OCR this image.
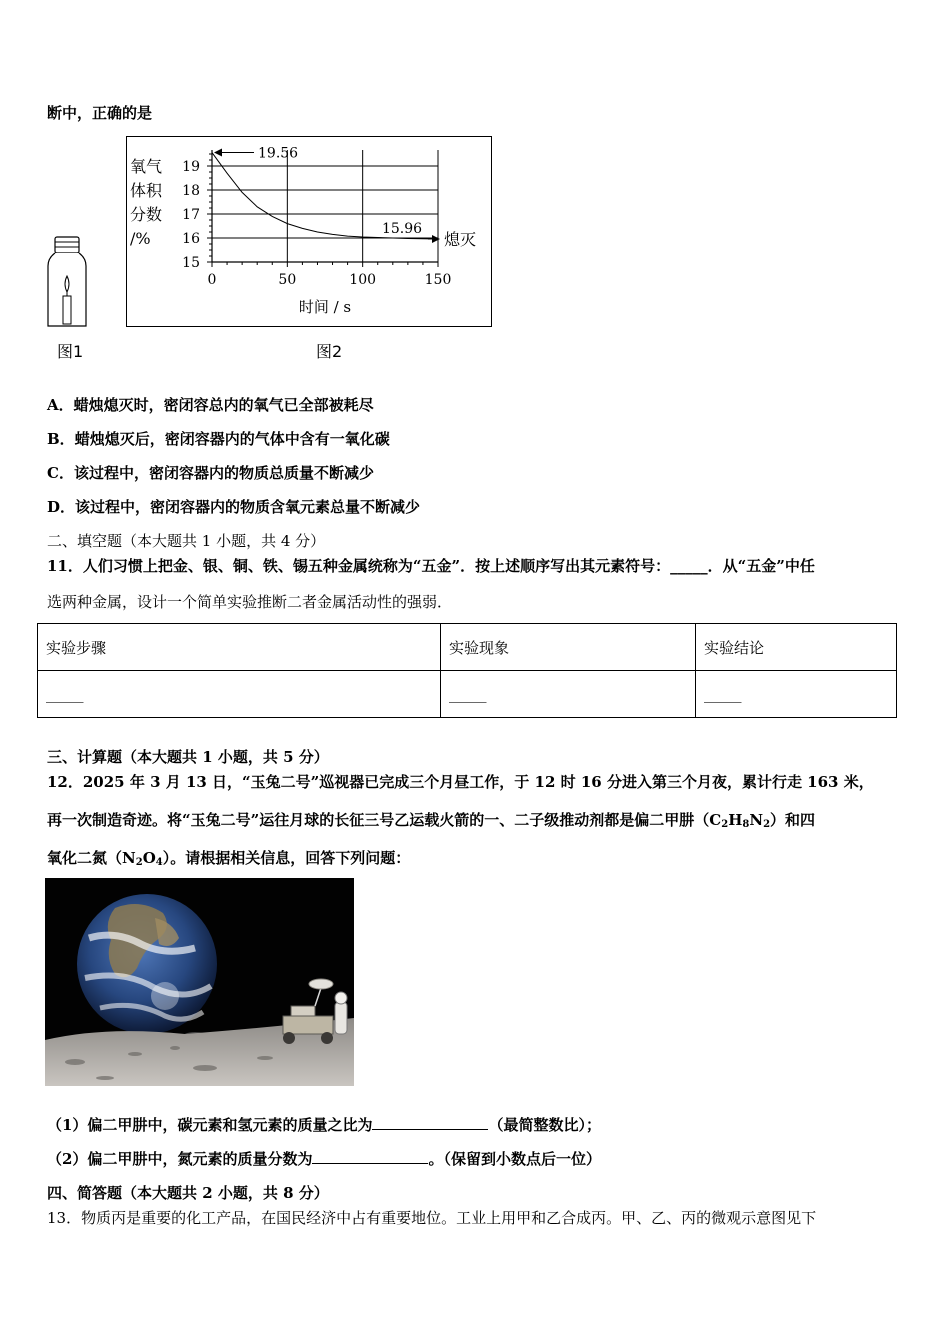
断中，正确的是
图1
19
18
17
16
15
0	50	100	150
氧气
体积
分数
/%
时间 / s
19.56
15.96
熄灭
图2
A．蜡烛熄灭时，密闭容总内的氧气已全部被耗尽
B．蜡烛熄灭后，密闭容器内的气体中含有一氧化碳
C．该过程中，密闭容器内的物质总质量不断减少
D．该过程中，密闭容器内的物质含氧元素总量不断减少
二、填空题（本大题共 1 小题，共 4 分）
11．人们习惯上把金、银、铜、铁、锡五种金属统称为“五金”．按上述顺序写出其元素符号：_____．从“五金”中任
选两种金属，设计一个简单实验推断二者金属活动性的强弱．
实验步骤	实验现象	实验结论
_____	_____	_____
三、计算题（本大题共 1 小题，共 5 分）
12．2025 年 3 月 13 日，“玉兔二号”巡视器已完成三个月昼工作，于 12 时 16 分进入第三个月夜，累计行走 163 米，
再一次制造奇迹。将“玉兔二号”运往月球的长征三号乙运载火箭的一、二子级推动剂都是偏二甲肼$(C_2H_8N_2)$和四
氧化二氮$(N_2O_4)$。请根据相关信息，回答下列问题：
（1）偏二甲肼中，碳元素和氢元素的质量之比为	（最简整数比）；
（2）偏二甲肼中，氮元素的质量分数为	。（保留到小数点后一位）
四、简答题（本大题共 2 小题，共 8 分）
13．物质丙是重要的化工产品，在国民经济中占有重要地位。工业上用甲和乙合成丙。甲、乙、丙的微观示意图见下
